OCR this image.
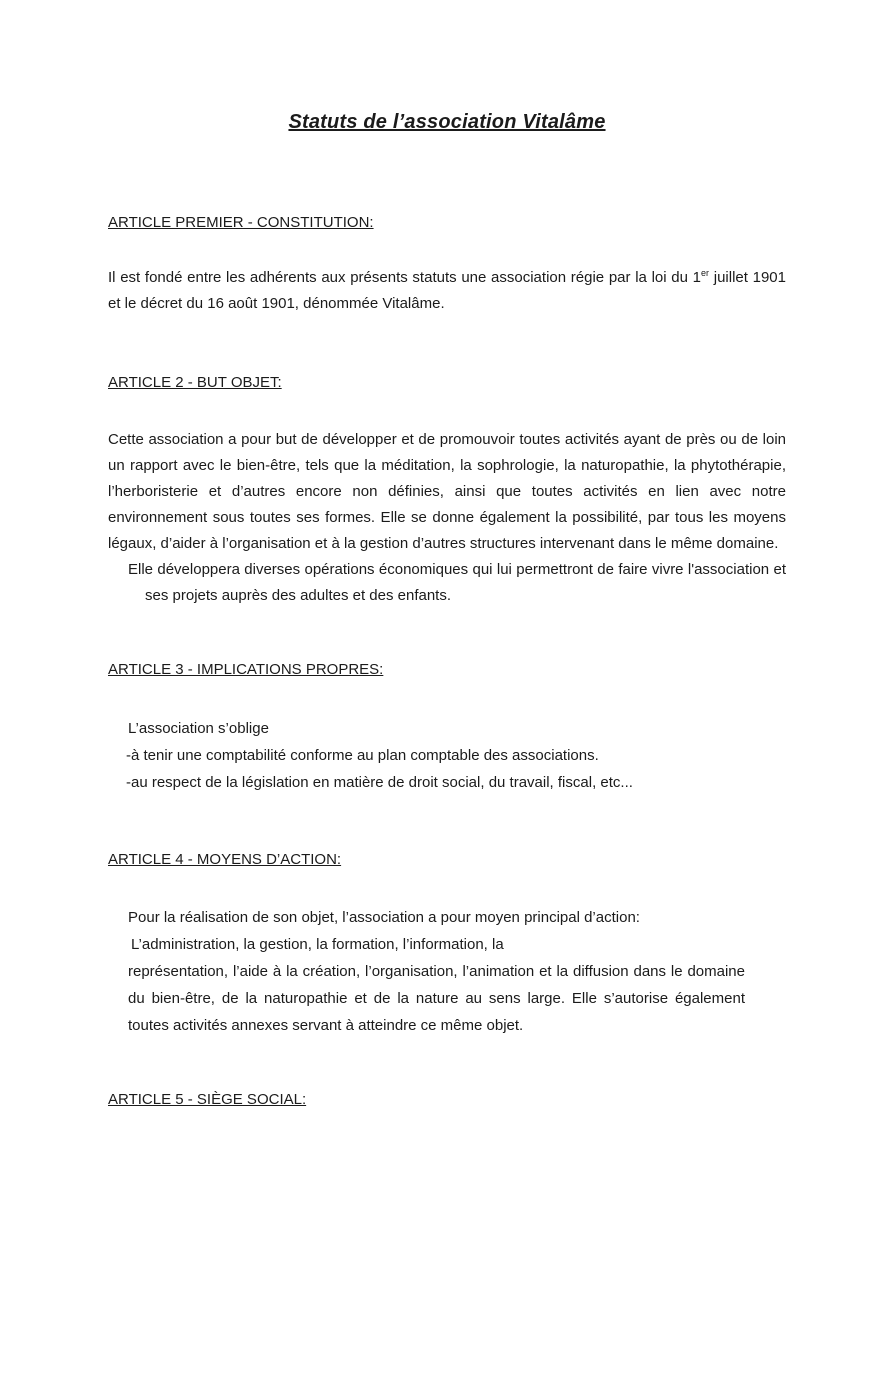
Statuts de l’association Vitalâme
ARTICLE PREMIER - CONSTITUTION:

Il est fondé entre les adhérents aux présents statuts une association régie par la loi du 1er juillet 1901 et le décret du 16 août 1901, dénommée Vitalâme.

ARTICLE 2 - BUT OBJET:

Cette association a pour but de développer et de promouvoir toutes activités ayant de près ou de loin un rapport avec le bien-être, tels que la méditation, la sophrologie, la naturopathie, la phytothérapie, l’herboristerie et d’autres encore non définies, ainsi que toutes activités en lien avec notre environnement sous toutes ses formes. Elle se donne également la possibilité, par tous les moyens légaux, d’aider à l’organisation et à la gestion d’autres structures intervenant dans le même domaine.

Elle développera diverses opérations économiques qui lui permettront de faire vivre l'association et ses projets auprès des adultes et des enfants.

ARTICLE 3 - IMPLICATIONS PROPRES:
L’association s’oblige
-à tenir une comptabilité conforme au plan comptable des associations.
-au respect de la législation en matière de droit social, du travail, fiscal, etc...
ARTICLE 4 - MOYENS D’ACTION:
Pour la réalisation de son objet, l’association a pour moyen principal d’action:
L’administration, la gestion, la formation, l’information, la
représentation, l’aide à la création, l’organisation, l’animation et la diffusion dans le domaine du bien-être, de la naturopathie et de la nature au sens large. Elle s’autorise également toutes activités annexes servant à atteindre ce même objet.
ARTICLE 5 - SIÈGE SOCIAL:
